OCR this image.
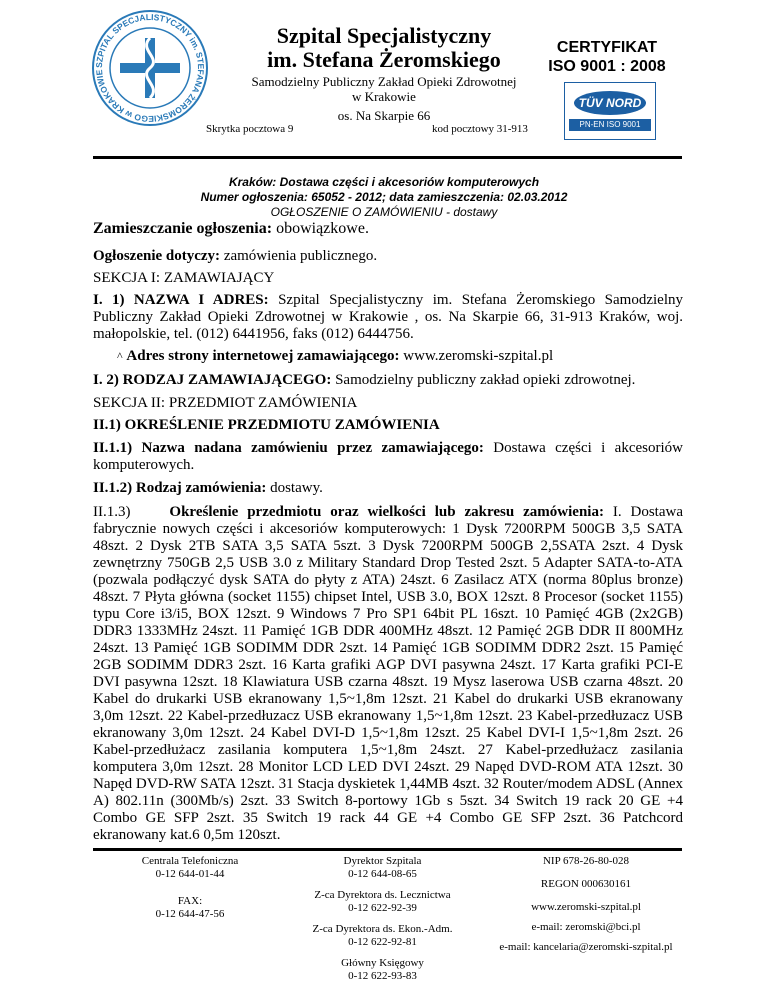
SZPITAL SPECJALISTYCZNY im. STEFANA ŻEROMSKIEGO w KRAKOWIE
Szpital Specjalistyczny
im. Stefana Żeromskiego
Samodzielny Publiczny Zakład Opieki Zdrowotnej
w Krakowie
os. Na Skarpie 66
Skrytka pocztowa 9	kod pocztowy 31-913
CERTYFIKAT
ISO 9001 : 2008
TÜV NORD
PN-EN ISO 9001
Kraków: Dostawa części i akcesoriów komputerowych
Numer ogłoszenia: 65052 - 2012; data zamieszczenia: 02.03.2012
OGŁOSZENIE O ZAMÓWIENIU - dostawy
Zamieszczanie ogłoszenia: obowiązkowe.
Ogłoszenie dotyczy: zamówienia publicznego.
SEKCJA I: ZAMAWIAJĄCY
I. 1) NAZWA I ADRES: Szpital Specjalistyczny im. Stefana Żeromskiego Samodzielny Publiczny Zakład Opieki Zdrowotnej w Krakowie , os. Na Skarpie 66, 31-913 Kraków, woj. małopolskie, tel. (012) 6441956, faks (012) 6444756.
^ Adres strony internetowej zamawiającego: www.zeromski-szpital.pl
I. 2) RODZAJ ZAMAWIAJĄCEGO: Samodzielny publiczny zakład opieki zdrowotnej.
SEKCJA II: PRZEDMIOT ZAMÓWIENIA
II.1) OKREŚLENIE PRZEDMIOTU ZAMÓWIENIA
II.1.1) Nazwa nadana zamówieniu przez zamawiającego: Dostawa części i akcesoriów komputerowych.
II.1.2) Rodzaj zamówienia: dostawy.
II.1.3)  	Określenie przedmiotu oraz wielkości lub zakresu zamówienia: I. Dostawa fabrycznie nowych części i akcesoriów komputerowych: 1 Dysk 7200RPM 500GB 3,5 SATA 48szt. 2 Dysk 2TB SATA 3,5 SATA 5szt. 3 Dysk 7200RPM 500GB 2,5SATA 2szt. 4 Dysk zewnętrzny 750GB 2,5 USB 3.0 z Military Standard Drop Tested 2szt. 5 Adapter SATA-to-ATA (pozwala podłączyć dysk SATA do płyty z ATA) 24szt. 6 Zasilacz ATX (norma 80plus bronze) 48szt. 7 Płyta główna (socket 1155) chipset Intel, USB 3.0, BOX 12szt. 8 Procesor (socket 1155) typu Core i3/i5, BOX 12szt. 9 Windows 7 Pro SP1 64bit PL 16szt. 10 Pamięć 4GB (2x2GB) DDR3 1333MHz 24szt. 11 Pamięć 1GB DDR 400MHz 48szt. 12 Pamięć 2GB DDR II 800MHz 24szt. 13 Pamięć 1GB SODIMM DDR 2szt. 14 Pamięć 1GB SODIMM DDR2 2szt. 15 Pamięć 2GB SODIMM DDR3 2szt. 16 Karta grafiki AGP DVI pasywna 24szt. 17 Karta grafiki PCI-E DVI pasywna 12szt. 18 Klawiatura USB czarna 48szt. 19 Mysz laserowa USB czarna 48szt. 20 Kabel do drukarki USB ekranowany 1,5~1,8m 12szt. 21 Kabel do drukarki USB ekranowany 3,0m 12szt. 22 Kabel-przedłuzacz USB ekranowany 1,5~1,8m 12szt. 23 Kabel-przedłuzacz USB ekranowany 3,0m 12szt. 24 Kabel DVI-D 1,5~1,8m 12szt. 25 Kabel DVI-I 1,5~1,8m 2szt. 26 Kabel-przedłużacz zasilania komputera 1,5~1,8m 24szt. 27 Kabel-przedłużacz zasilania komputera 3,0m 12szt. 28 Monitor LCD LED DVI 24szt. 29 Napęd DVD-ROM ATA 12szt. 30 Napęd DVD-RW SATA 12szt. 31 Stacja dyskietek 1,44MB 4szt. 32 Router/modem ADSL (Annex A) 802.11n (300Mb/s) 2szt. 33 Switch 8-portowy 1Gb s 5szt. 34 Switch 19 rack 20 GE +4 Combo GE SFP 2szt. 35 Switch 19 rack 44 GE +4 Combo GE SFP 2szt. 36 Patchcord ekranowany kat.6 0,5m 120szt.
Centrala Telefoniczna
0-12 644-01-44
FAX:
0-12 644-47-56
Dyrektor Szpitala
0-12 644-08-65
Z-ca Dyrektora ds. Lecznictwa
0-12 622-92-39
Z-ca Dyrektora ds. Ekon.-Adm.
0-12 622-92-81
Główny Księgowy
0-12 622-93-83
NIP 678-26-80-028
REGON 000630161
www.zeromski-szpital.pl
e-mail: zeromski@bci.pl
e-mail: kancelaria@zeromski-szpital.pl
